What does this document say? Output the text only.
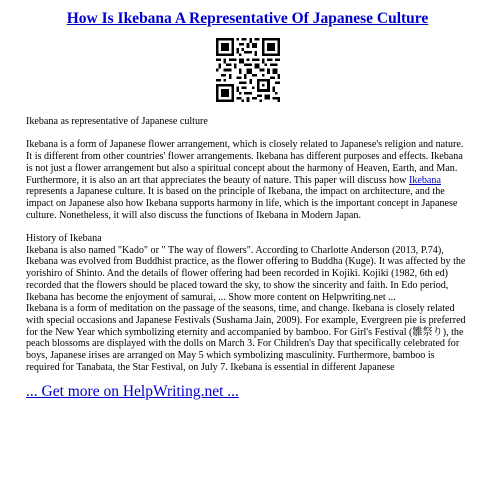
How Is Ikebana A Representative Of Japanese Culture

Ikebana as representative of Japanese culture

Ikebana is a form of Japanese flower arrangement, which is closely related to Japanese's religion and nature. It is different from other countries' flower arrangements. Ikebana has different purposes and effects. Ikebana is not just a flower arrangement but also a spiritual concept about the harmony of Heaven, Earth, and Man. Furthermore, it is also an art that appreciates the beauty of nature. This paper will discuss how Ikebana represents a Japanese culture. It is based on the principle of Ikebana, the impact on architecture, and the impact on Japanese also how Ikebana supports harmony in life, which is the important concept in Japanese culture. Nonetheless, it will also discuss the functions of Ikebana in Modern Japan.

History of Ikebana

Ikebana is also named "Kado" or " The way of flowers". According to Charlotte Anderson (2013, P.74), Ikebana was evolved from Buddhist practice, as the flower offering to Buddha (Kuge). It was affected by the yorishiro of Shinto. And the details of flower offering had been recorded in Kojiki. Kojiki (1982, 6th ed) recorded that the flowers should be placed toward the sky, to show the sincerity and faith. In Edo period, Ikebana has become the enjoyment of samurai, ... Show more content on Helpwriting.net ...

Ikebana is a form of meditation on the passage of the seasons, time, and change. Ikebana is closely related with special occasions and Japanese Festivals (Sushama Jain, 2009). For example, Evergreen pie is preferred for the New Year which symbolizing eternity and accompanied by bamboo. For Girl's Festival (雛祭り), the peach blossoms are displayed with the dolls on March 3. For Children's Day that specifically celebrated for boys, Japanese irises are arranged on May 5 which symbolizing masculinity. Furthermore, bamboo is required for Tanabata, the Star Festival, on July 7. Ikebana is essential in different Japanese

... Get more on HelpWriting.net ...
